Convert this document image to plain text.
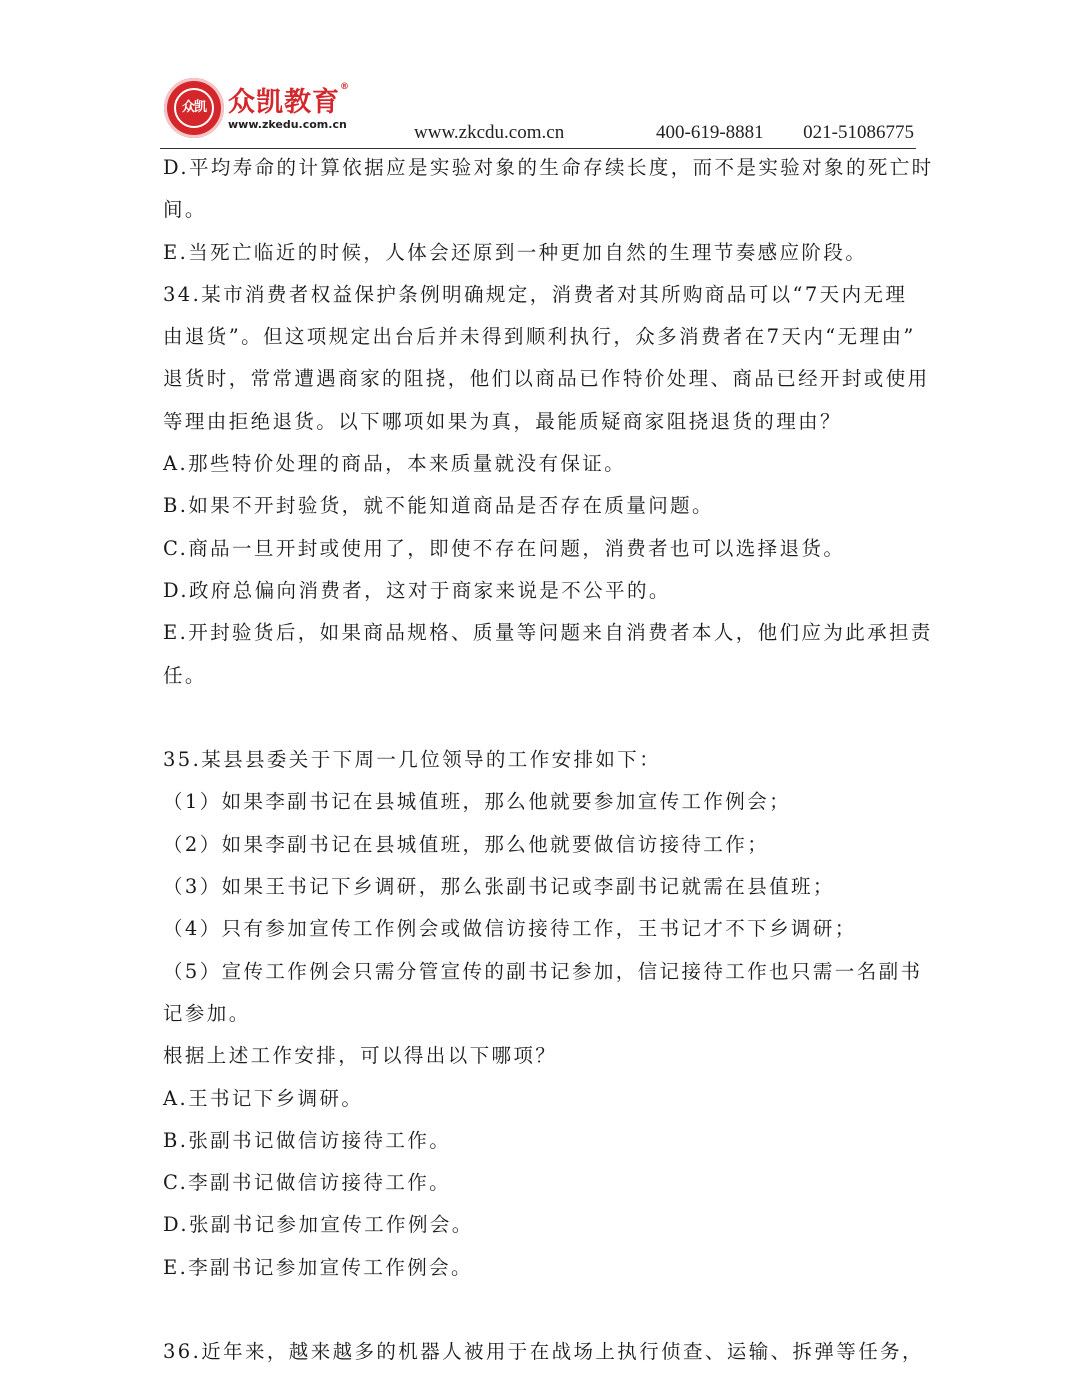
众凯 众凯教育®
www.zkedu.com.cn	www.zkcdu.com.cn	400-619-8881 021-51086775
D.平均寿命的计算依据应是实验对象的生命存续长度，而不是实验对象的死亡时
间。
E.当死亡临近的时候，人体会还原到一种更加自然的生理节奏感应阶段。
34.某市消费者权益保护条例明确规定，消费者对其所购商品可以“7天内无理
由退货”。但这项规定出台后并未得到顺利执行，众多消费者在7天内“无理由”
退货时，常常遭遇商家的阻挠，他们以商品已作特价处理、商品已经开封或使用
等理由拒绝退货。以下哪项如果为真，最能质疑商家阻挠退货的理由？
A.那些特价处理的商品，本来质量就没有保证。
B.如果不开封验货，就不能知道商品是否存在质量问题。
C.商品一旦开封或使用了，即使不存在问题，消费者也可以选择退货。
D.政府总偏向消费者，这对于商家来说是不公平的。
E.开封验货后，如果商品规格、质量等问题来自消费者本人，他们应为此承担责
任。
35.某县县委关于下周一几位领导的工作安排如下：
（1）如果李副书记在县城值班，那么他就要参加宣传工作例会；
（2）如果李副书记在县城值班，那么他就要做信访接待工作；
（3）如果王书记下乡调研，那么张副书记或李副书记就需在县值班；
（4）只有参加宣传工作例会或做信访接待工作，王书记才不下乡调研；
（5）宣传工作例会只需分管宣传的副书记参加，信记接待工作也只需一名副书
记参加。
根据上述工作安排，可以得出以下哪项？
A.王书记下乡调研。
B.张副书记做信访接待工作。
C.李副书记做信访接待工作。
D.张副书记参加宣传工作例会。
E.李副书记参加宣传工作例会。
36.近年来，越来越多的机器人被用于在战场上执行侦查、运输、拆弹等任务，
